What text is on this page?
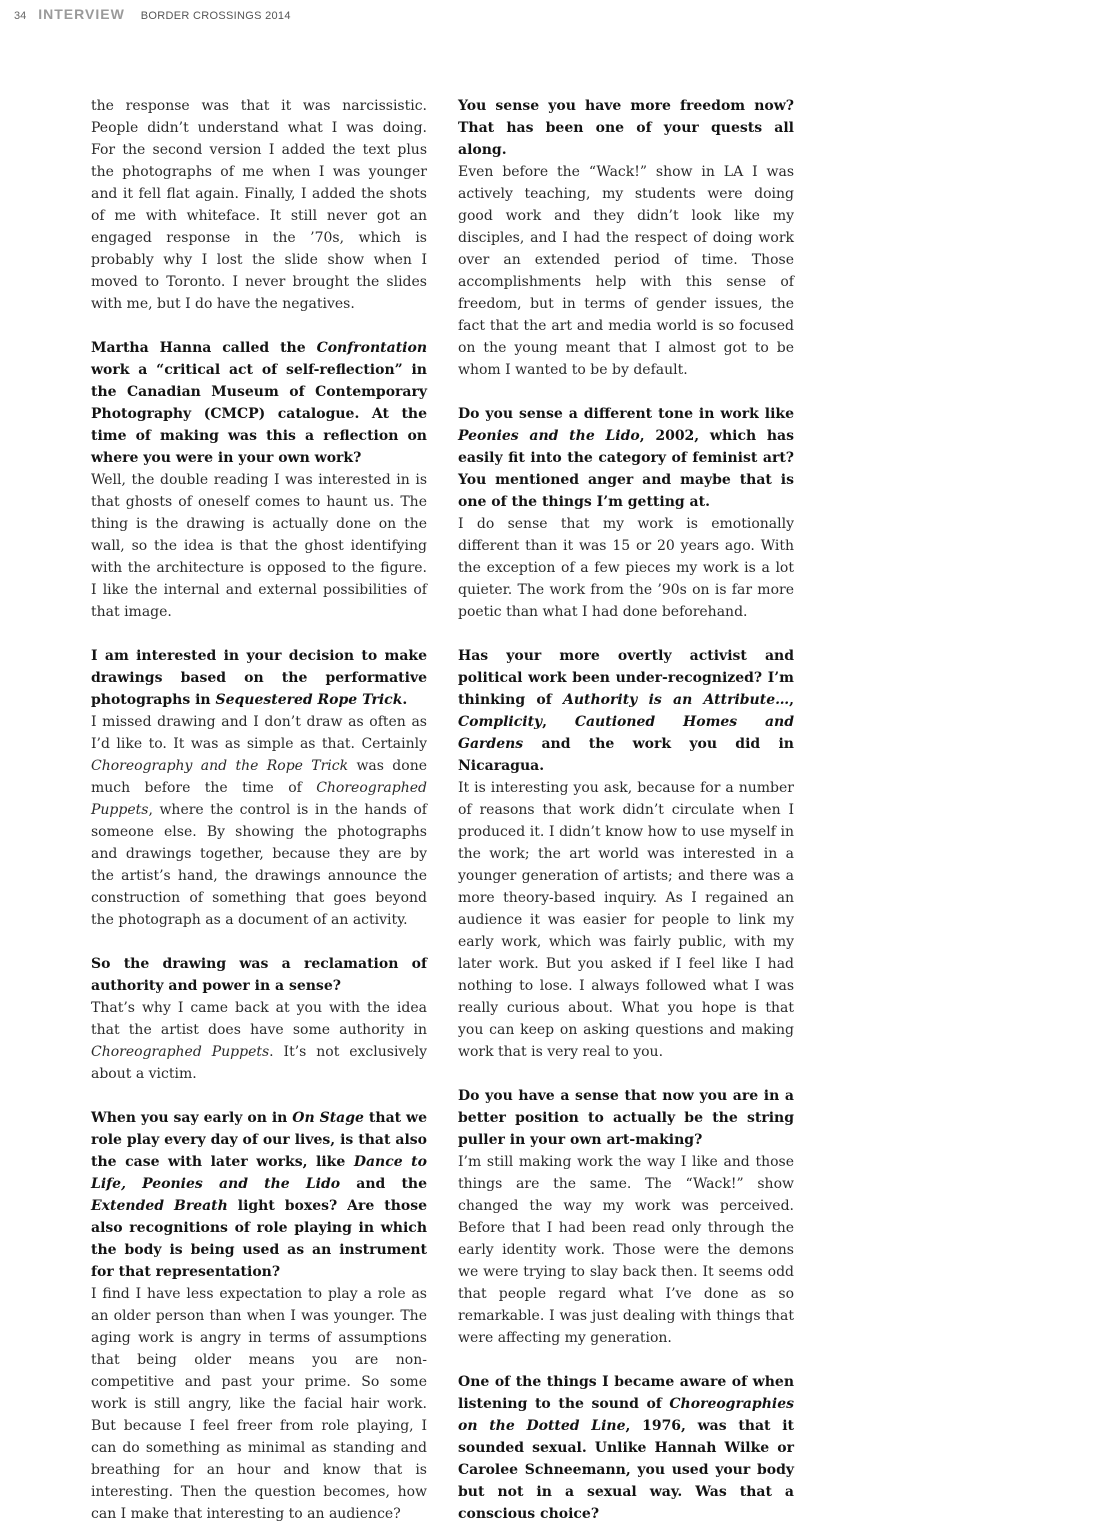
34 INTERVIEW BORDER CROSSINGS 2014

the response was that it was narcissistic. People didn’t understand what I was doing. For the second version I added the text plus the photographs of me when I was younger and it fell flat again. Finally, I added the shots of me with whiteface. It still never got an engaged response in the ’70s, which is probably why I lost the slide show when I moved to Toronto. I never brought the slides with me, but I do have the negatives.

Martha Hanna called the Confrontation work a “critical act of self-reflection” in the Canadian Museum of Contemporary Photography (CMCP) catalogue. At the time of making was this a reflection on where you were in your own work?

Well, the double reading I was interested in is that ghosts of oneself comes to haunt us. The thing is the drawing is actually done on the wall, so the idea is that the ghost identifying with the architecture is opposed to the figure. I like the internal and external possibilities of that image.

I am interested in your decision to make drawings based on the performative photographs in Sequestered Rope Trick.

I missed drawing and I don’t draw as often as I’d like to. It was as simple as that. Certainly Choreography and the Rope Trick was done much before the time of Choreographed Puppets, where the control is in the hands of someone else. By showing the photographs and drawings together, because they are by the artist’s hand, the drawings announce the construction of something that goes beyond the photograph as a document of an activity.

So the drawing was a reclamation of authority and power in a sense?

That’s why I came back at you with the idea that the artist does have some authority in Choreographed Puppets. It’s not exclusively about a victim.

When you say early on in On Stage that we role play every day of our lives, is that also the case with later works, like Dance to Life, Peonies and the Lido and the Extended Breath light boxes? Are those also recognitions of role playing in which the body is being used as an instrument for that representation?

I find I have less expectation to play a role as an older person than when I was younger. The aging work is angry in terms of assumptions that being older means you are non-competitive and past your prime. So some work is still angry, like the facial hair work. But because I feel freer from role playing, I can do something as minimal as standing and breathing for an hour and know that is interesting. Then the question becomes, how can I make that interesting to an audience?

You sense you have more freedom now? That has been one of your quests all along.

Even before the “Wack!” show in LA I was actively teaching, my students were doing good work and they didn’t look like my disciples, and I had the respect of doing work over an extended period of time. Those accomplishments help with this sense of freedom, but in terms of gender issues, the fact that the art and media world is so focused on the young meant that I almost got to be whom I wanted to be by default.

Do you sense a different tone in work like Peonies and the Lido, 2002, which has easily fit into the category of feminist art? You mentioned anger and maybe that is one of the things I’m getting at.

I do sense that my work is emotionally different than it was 15 or 20 years ago. With the exception of a few pieces my work is a lot quieter. The work from the ’90s on is far more poetic than what I had done beforehand.

Has your more overtly activist and political work been under-recognized? I’m thinking of Authority is an Attribute…, Complicity, Cautioned Homes and Gardens and the work you did in Nicaragua.

It is interesting you ask, because for a number of reasons that work didn’t circulate when I produced it. I didn’t know how to use myself in the work; the art world was interested in a younger generation of artists; and there was a more theory-based inquiry. As I regained an audience it was easier for people to link my early work, which was fairly public, with my later work. But you asked if I feel like I had nothing to lose. I always followed what I was really curious about. What you hope is that you can keep on asking questions and making work that is very real to you.

Do you have a sense that now you are in a better position to actually be the string puller in your own art-making?

I’m still making work the way I like and those things are the same. The “Wack!” show changed the way my work was perceived. Before that I had been read only through the early identity work. Those were the demons we were trying to slay back then. It seems odd that people regard what I’ve done as so remarkable. I was just dealing with things that were affecting my generation.

One of the things I became aware of when listening to the sound of Choreographies on the Dotted Line, 1976, was that it sounded sexual. Unlike Hannah Wilke or Carolee Schneemann, you used your body but not in a sexual way. Was that a conscious choice?
